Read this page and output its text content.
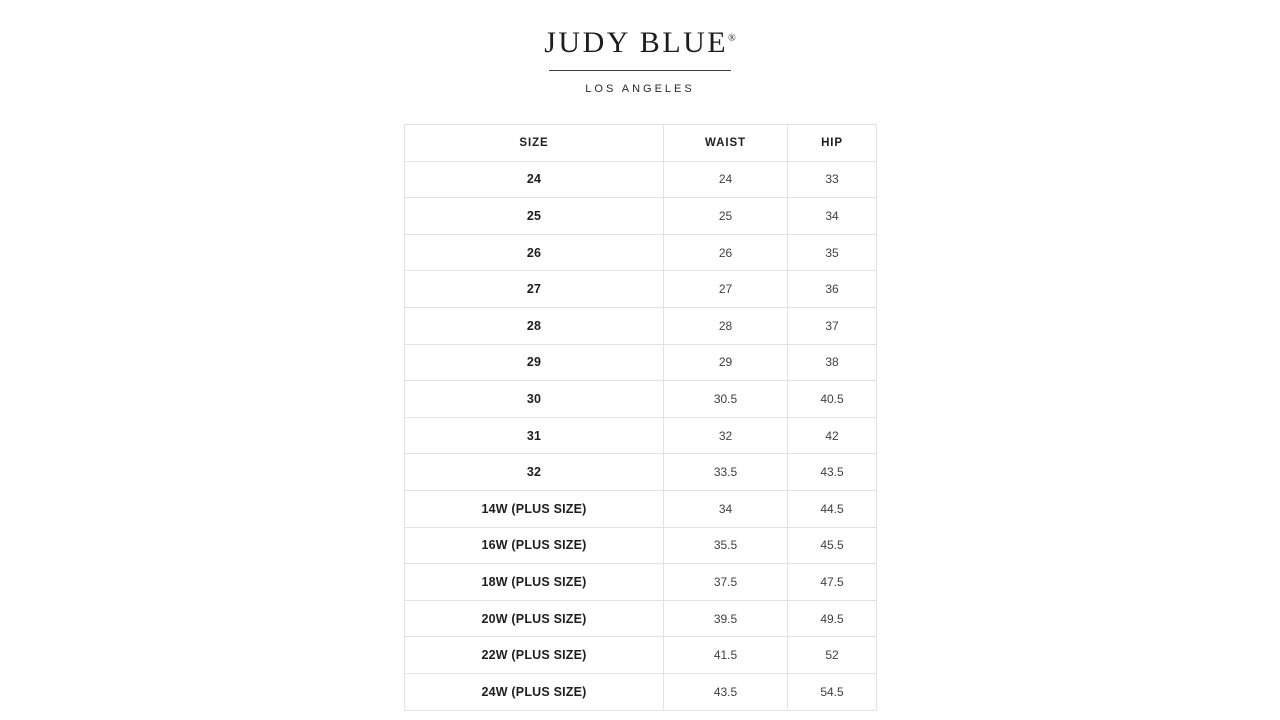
JUDY BLUE®
LOS ANGELES
SIZE	WAIST	HIP
24	24	33
25	25	34
26	26	35
27	27	36
28	28	37
29	29	38
30	30.5	40.5
31	32	42
32	33.5	43.5
14W (PLUS SIZE)	34	44.5
16W (PLUS SIZE)	35.5	45.5
18W (PLUS SIZE)	37.5	47.5
20W (PLUS SIZE)	39.5	49.5
22W (PLUS SIZE)	41.5	52
24W (PLUS SIZE)	43.5	54.5
